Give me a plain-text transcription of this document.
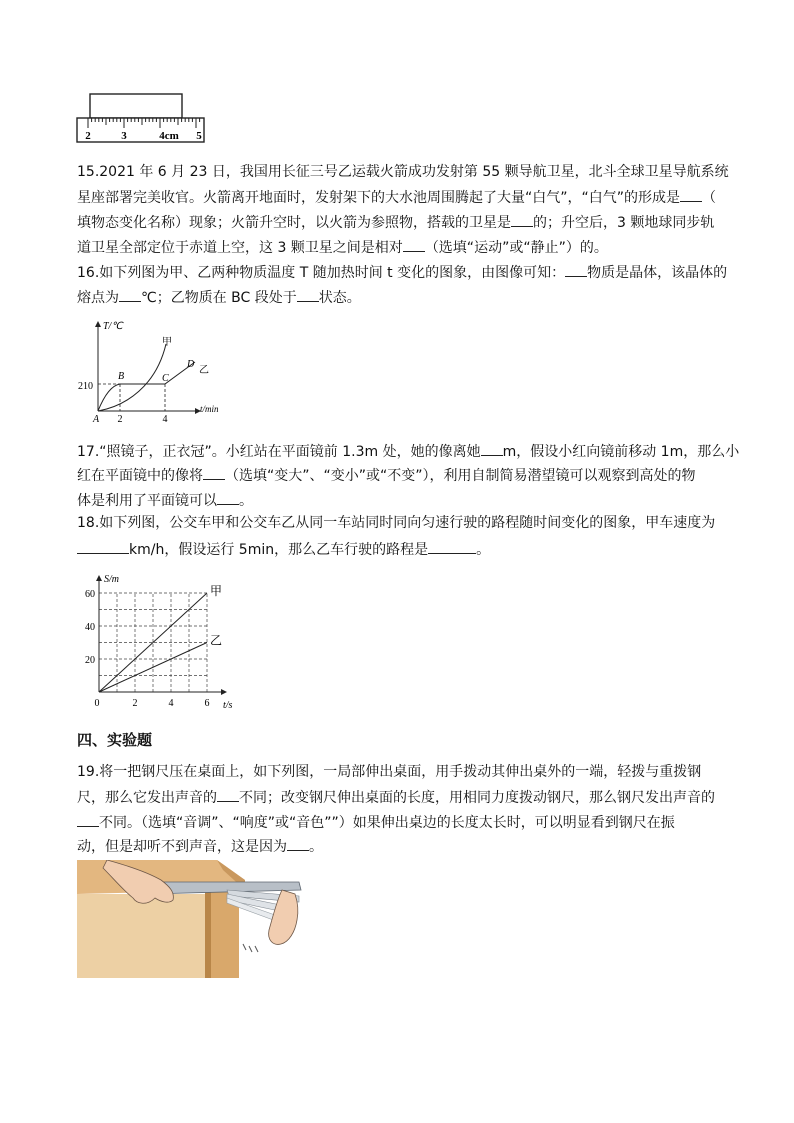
2	3	4cm 5
15.2021 年 6 月 23 日，我国用长征三号乙运载火箭成功发射第 55 颗导航卫星，北斗全球卫星导航系统
星座部署完美收官。火箭离开地面时，发射架下的大水池周围腾起了大量“白气”，“白气”的形成是 （
填物态变化名称）现象；火箭升空时，以火箭为参照物，搭载的卫星是 的；升空后，3 颗地球同步轨
道卫星全部定位于赤道上空，这 3 颗卫星之间是相对 （选填“运动”或“静止”）的。
16.如下列图为甲、乙两种物质温度 T 随加热时间 t 变化的图象，由图像可知： 物质是晶体，该晶体的
熔点为 ℃；乙物质在 BC 段处于 状态。
T/℃
t/min
210
2	4
A
B	C
D
甲
乙
17.“照镜子，正衣冠”。小红站在平面镜前 1.3m 处，她的像离她 m，假设小红向镜前移动 1m，那么小
红在平面镜中的像将 （选填“变大”、“变小”或“不变”），利用自制简易潜望镜可以观察到高处的物
体是利用了平面镜可以 。
18.如下列图，公交车甲和公交车乙从同一车站同时同向匀速行驶的路程随时间变化的图象，甲车速度为
km/h，假设运行 5min，那么乙车行驶的路程是	。
S/m
t/s
0	2	4	6
20
40
60	甲
乙
四、实验题
19.将一把钢尺压在桌面上，如下列图，一局部伸出桌面，用手拨动其伸出桌外的一端，轻拨与重拨钢
尺，那么它发出声音的 不同；改变钢尺伸出桌面的长度，用相同力度拨动钢尺，那么钢尺发出声音的
不同。（选填“音调”、“响度”或“音色””）如果伸出桌边的长度太长时，可以明显看到钢尺在振
动，但是却听不到声音，这是因为 。
